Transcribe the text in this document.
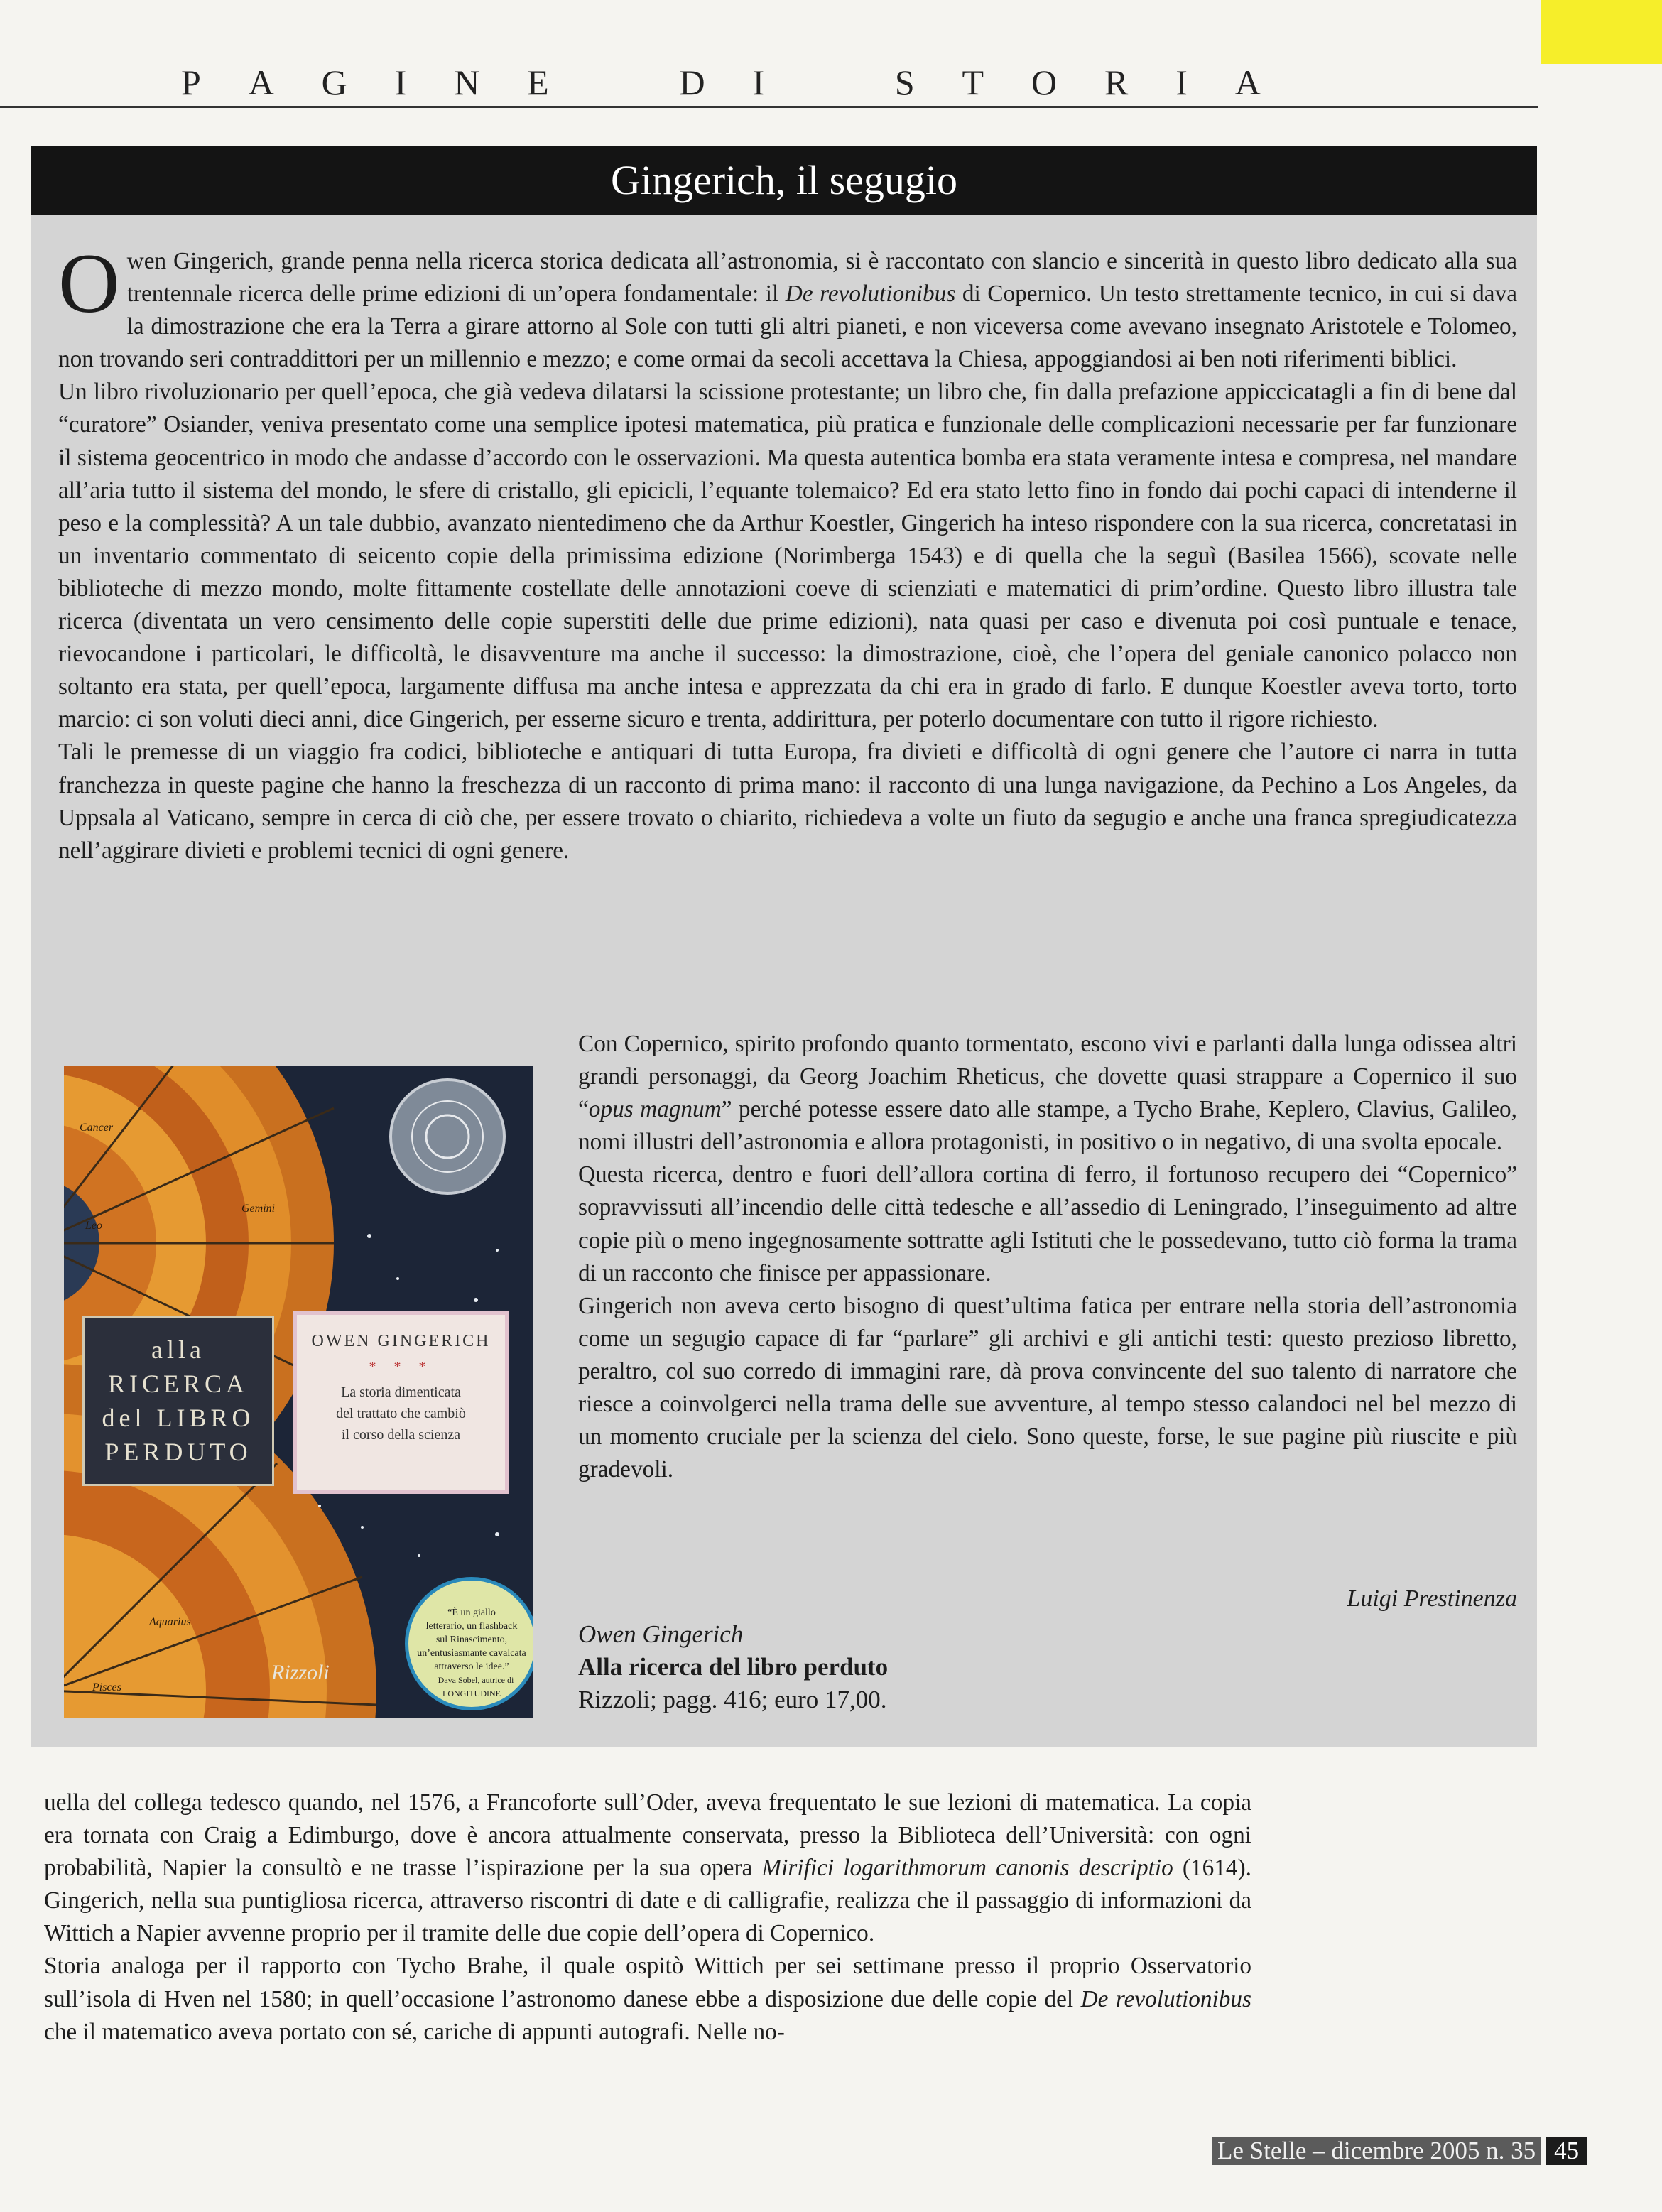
P A G I N E
	D I
	S T O R I A
Gingerich, il segugio

Owen Gingerich, grande penna nella ricerca storica dedicata all’astronomia, si è raccontato con slancio e sincerità in questo libro dedicato alla sua trentennale ricerca delle prime edizioni di un’opera fondamentale: il De revolutionibus di Copernico. Un testo strettamente tecnico, in cui si dava la dimostrazione che era la Terra a girare attorno al Sole con tutti gli altri pianeti, e non viceversa come avevano insegnato Aristotele e Tolomeo, non trovando seri contraddittori per un millennio e mezzo; e come ormai da secoli accettava la Chiesa, appoggiandosi ai ben noti riferimenti biblici.

Un libro rivoluzionario per quell’epoca, che già vedeva dilatarsi la scissione protestante; un libro che, fin dalla prefazione appiccicatagli a fin di bene dal “curatore” Osiander, veniva presentato come una semplice ipotesi matematica, più pratica e funzionale delle complicazioni necessarie per far funzionare il sistema geocentrico in modo che andasse d’accordo con le osservazioni. Ma questa autentica bomba era stata veramente intesa e compresa, nel mandare all’aria tutto il sistema del mondo, le sfere di cristallo, gli epicicli, l’equante tolemaico? Ed era stato letto fino in fondo dai pochi capaci di intenderne il peso e la complessità? A un tale dubbio, avanzato nientedimeno che da Arthur Koestler, Gingerich ha inteso rispondere con la sua ricerca, concretatasi in un inventario commentato di seicento copie della primissima edizione (Norimberga 1543) e di quella che la seguì (Basilea 1566), scovate nelle biblioteche di mezzo mondo, molte fittamente costellate delle annotazioni coeve di scienziati e matematici di prim’ordine. Questo libro illustra tale ricerca (diventata un vero censimento delle copie superstiti delle due prime edizioni), nata quasi per caso e divenuta poi così puntuale e tenace, rievocandone i particolari, le difficoltà, le disavventure ma anche il successo: la dimostrazione, cioè, che l’opera del geniale canonico polacco non soltanto era stata, per quell’epoca, largamente diffusa ma anche intesa e apprezzata da chi era in grado di farlo. E dunque Koestler aveva torto, torto marcio: ci son voluti dieci anni, dice Gingerich, per esserne sicuro e trenta, addirittura, per poterlo documentare con tutto il rigore richiesto.

Tali le premesse di un viaggio fra codici, biblioteche e antiquari di tutta Europa, fra divieti e difficoltà di ogni genere che l’autore ci narra in tutta franchezza in queste pagine che hanno la freschezza di un racconto di prima mano: il racconto di una lunga navigazione, da Pechino a Los Angeles, da Uppsala al Vaticano, sempre in cerca di ciò che, per essere trovato o chiarito, richiedeva a volte un fiuto da segugio e anche una franca spregiudicatezza nell’aggirare divieti e problemi tecnici di ogni genere.

Cancer
Gemini
Leo
Aquarius
Pisces
alla
RICERCA
del LIBRO
PERDUTO
OWEN GINGERICH
* * *
La storia dimenticata
del trattato che cambiò
il corso della scienza
“È un giallo
letterario, un flashback
sul Rinascimento,
un’entusiasmante cavalcata
attraverso le idee.”
—Dava Sobel, autrice di
LONGITUDINE
Rizzoli

Con Copernico, spirito profondo quanto tormentato, escono vivi e parlanti dalla lunga odissea altri grandi personaggi, da Georg Joachim Rheticus, che dovette quasi strappare a Copernico il suo “opus magnum” perché potesse essere dato alle stampe, a Tycho Brahe, Keplero, Clavius, Galileo, nomi illustri dell’astronomia e allora protagonisti, in positivo o in negativo, di una svolta epocale.

Questa ricerca, dentro e fuori dell’allora cortina di ferro, il fortunoso recupero dei “Copernico” sopravvissuti all’incendio delle città tedesche e all’assedio di Leningrado, l’inseguimento ad altre copie più o meno ingegnosamente sottratte agli Istituti che le possedevano, tutto ciò forma la trama di un racconto che finisce per appassionare.

Gingerich non aveva certo bisogno di quest’ultima fatica per entrare nella storia dell’astronomia come un segugio capace di far “parlare” gli archivi e gli antichi testi: questo prezioso libretto, peraltro, col suo corredo di immagini rare, dà prova convincente del suo talento di narratore che riesce a coinvolgerci nella trama delle sue avventure, al tempo stesso calandoci nel bel mezzo di un momento cruciale per la scienza del cielo. Sono queste, forse, le sue pagine più riuscite e più gradevoli.

Luigi Prestinenza
Owen Gingerich
Alla ricerca del libro perduto
Rizzoli; pagg. 416; euro 17,00.

uella del collega tedesco quando, nel 1576, a Francoforte sull’Oder, aveva frequentato le sue lezioni di matematica. La copia era tornata con Craig a Edimburgo, dove è ancora attualmente conservata, presso la Biblioteca dell’Università: con ogni probabilità, Napier la consultò e ne trasse l’ispirazione per la sua opera Mirifici logarithmorum canonis descriptio (1614). Gingerich, nella sua puntigliosa ricerca, attraverso riscontri di date e di calligrafie, realizza che il passaggio di informazioni da Wittich a Napier avvenne proprio per il tramite delle due copie dell’opera di Copernico.

Storia analoga per il rapporto con Tycho Brahe, il quale ospitò Wittich per sei settimane presso il proprio Osservatorio sull’isola di Hven nel 1580; in quell’occasione l’astronomo danese ebbe a disposizione due delle copie del De revolutionibus che il matematico aveva portato con sé, cariche di appunti autografi. Nelle no-

Le Stelle – dicembre 2005 n. 35 45
